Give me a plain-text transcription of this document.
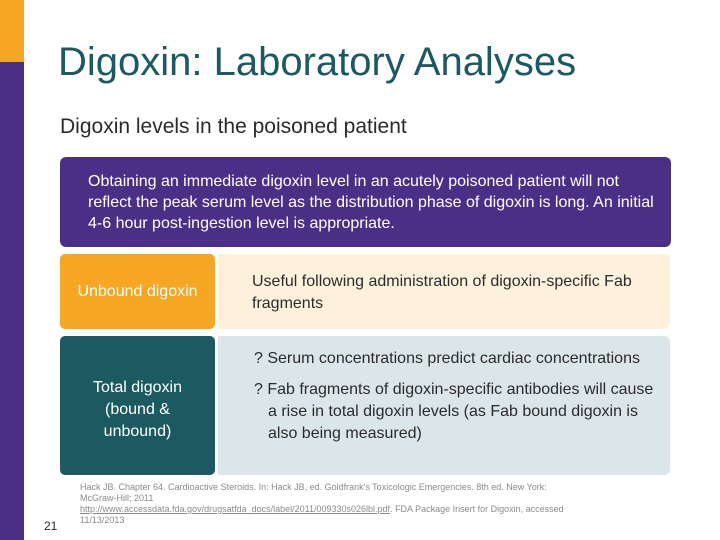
Digoxin: Laboratory Analyses
Digoxin levels in the poisoned patient
Obtaining an immediate digoxin level in an acutely poisoned patient will not reflect the peak serum level as the distribution phase of digoxin is long. An initial 4-6 hour post-ingestion level is appropriate.
Unbound digoxin
Useful following administration of digoxin-specific Fab fragments
Total digoxin
(bound &
unbound)
? Serum concentrations predict cardiac concentrations
? Fab fragments of digoxin-specific antibodies will cause a rise in total digoxin levels (as Fab bound digoxin is also being measured)
Hack JB. Chapter 64. Cardioactive Steroids. In: Hack JB, ed. Goldfrank's Toxicologic Emergencies. 8th ed. New York: McGraw-Hill; 2011
http://www.accessdata.fda.gov/drugsatfda_docs/label/2011/009330s026lbl.pdf. FDA Package Insert for Digoxin, accessed 11/13/2013
21
